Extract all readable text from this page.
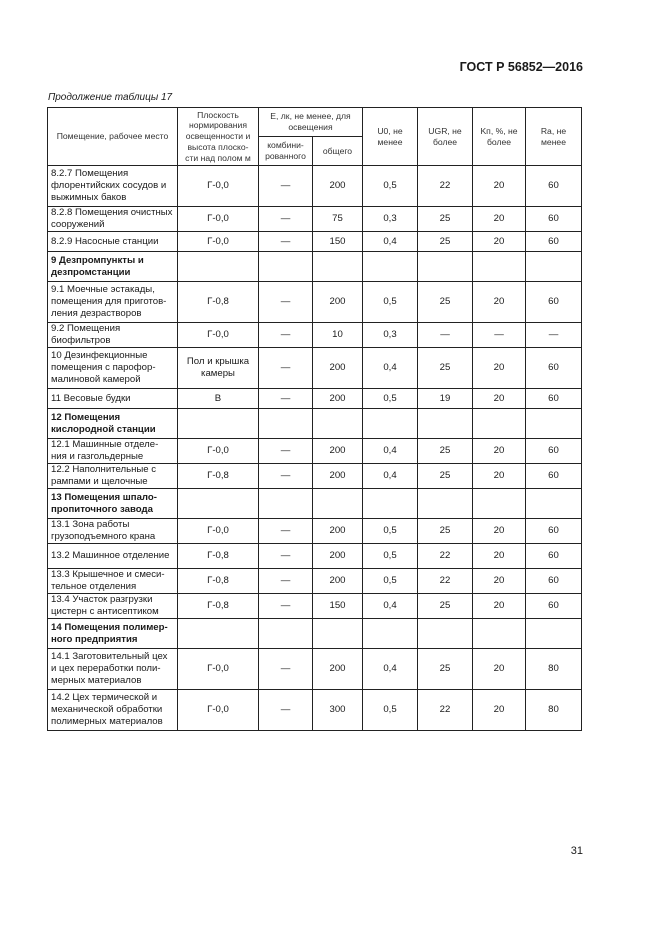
ГОСТ Р 56852—2016
Продолжение таблицы 17
Помещение, рабочее место	Плоскость нормирования освещенности и высота плоско- сти над полом м	E, лк, не менее, для освещения		U0, не менее	UGR, не более	Kп, %, не более	Ra, не менее
		комбини- рованного	общего				
8.2.7 Помещения флорентийских сосудов и выжимных баков	Г-0,0	—	200	0,5	22	20	60
8.2.8 Помещения очистных сооружений	Г-0,0	—	75	0,3	25	20	60
8.2.9 Насосные станции	Г-0,0	—	150	0,4	25	20	60
9 Дезпромпункты и дезпромстанции							
9.1 Моечные эстакады, помещения для приготов- ления дезрастворов	Г-0,8	—	200	0,5	25	20	60
9.2 Помещения биофильтров	Г-0,0	—	10	0,3	—	—	—
10 Дезинфекционные помещения с парофор- малиновой камерой	Пол и крышка камеры	—	200	0,4	25	20	60
11 Весовые будки	В	—	200	0,5	19	20	60
12 Помещения кислородной станции							
12.1 Машинные отделе- ния и газгольдерные	Г-0,0	—	200	0,4	25	20	60
12.2 Наполнительные с рампами и щелочные	Г-0,8	—	200	0,4	25	20	60
13 Помещения шпало- пропиточного завода							
13.1 Зона работы грузоподъемного крана	Г-0,0	—	200	0,5	25	20	60
13.2 Машинное отделение	Г-0,8	—	200	0,5	22	20	60
13.3 Крышечное и смеси- тельное отделения	Г-0,8	—	200	0,5	22	20	60
13.4 Участок разгрузки цистерн с антисептиком	Г-0,8	—	150	0,4	25	20	60
14 Помещения полимер- ного предприятия							
14.1 Заготовительный цех и цех переработки поли- мерных материалов	Г-0,0	—	200	0,4	25	20	80
14.2 Цех термической и механической обработки полимерных материалов	Г-0,0	—	300	0,5	22	20	80
31
